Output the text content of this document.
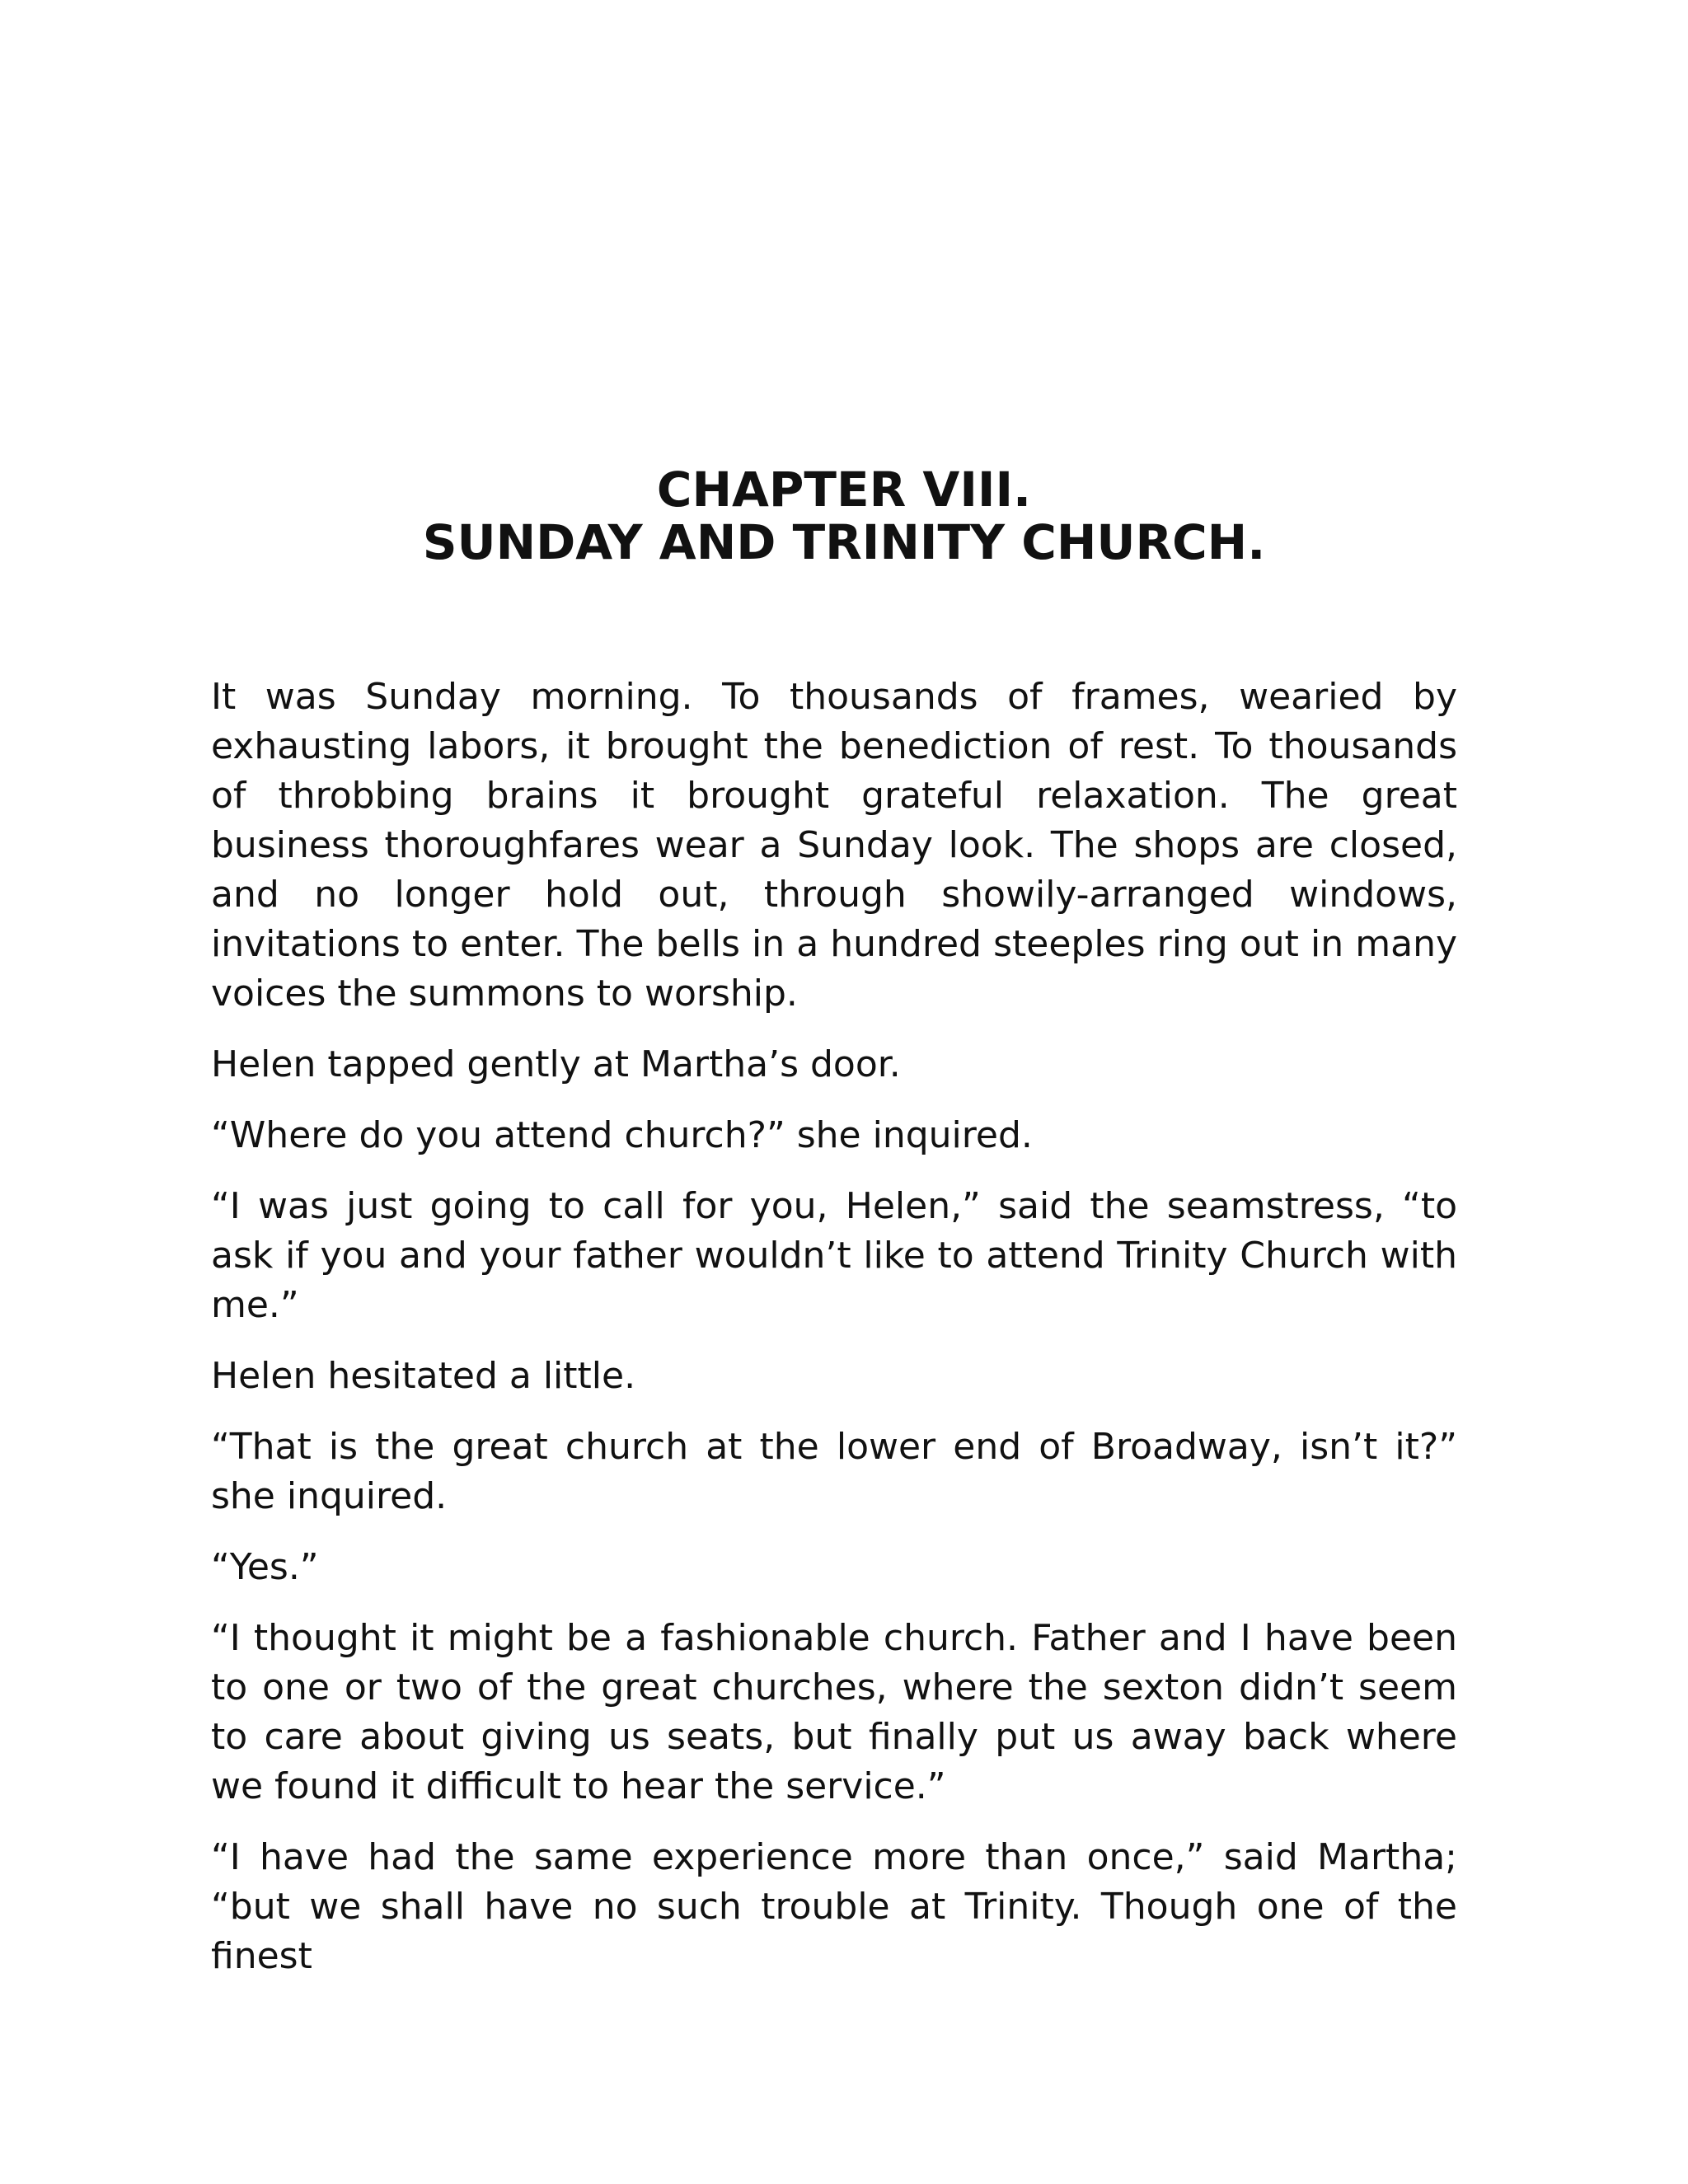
CHAPTER VIII.
SUNDAY AND TRINITY CHURCH.

It was Sunday morning. To thousands of frames, wearied by exhausting labors, it brought the benediction of rest. To thousands of throbbing brains it brought grateful relaxation. The great business thoroughfares wear a Sunday look. The shops are closed, and no longer hold out, through showily-arranged windows, invitations to enter. The bells in a hundred steeples ring out in many voices the summons to worship.

Helen tapped gently at Martha’s door.

“Where do you attend church?” she inquired.

“I was just going to call for you, Helen,” said the seamstress, “to ask if you and your father wouldn’t like to attend Trinity Church with me.”

Helen hesitated a little.

“That is the great church at the lower end of Broadway, isn’t it?” she inquired.

“Yes.”

“I thought it might be a fashionable church. Father and I have been to one or two of the great churches, where the sexton didn’t seem to care about giving us seats, but finally put us away back where we found it difficult to hear the service.”

“I have had the same experience more than once,” said Martha; “but we shall have no such trouble at Trinity. Though one of the finest
